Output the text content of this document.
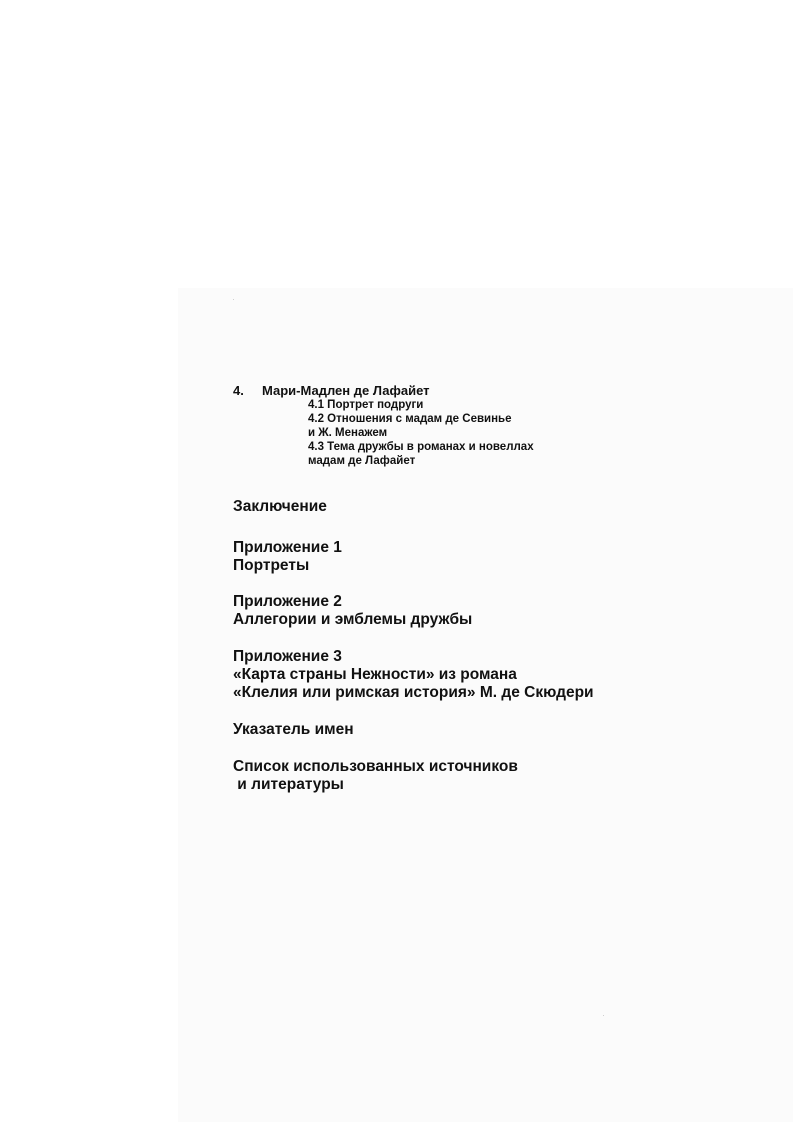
4. Мари-Мадлен де Лафайет
4.1 Портрет подруги
4.2 Отношения с мадам де Севинье
и Ж. Менажем
4.3 Тема дружбы в романах и новеллах
мадам де Лафайет
Заключение
Приложение 1
Портреты
Приложение 2
Аллегории и эмблемы дружбы
Приложение 3
«Карта страны Нежности» из романа
«Клелия или римская история» М. де Скюдери
Указатель имен
Список использованных источников
и литературы
